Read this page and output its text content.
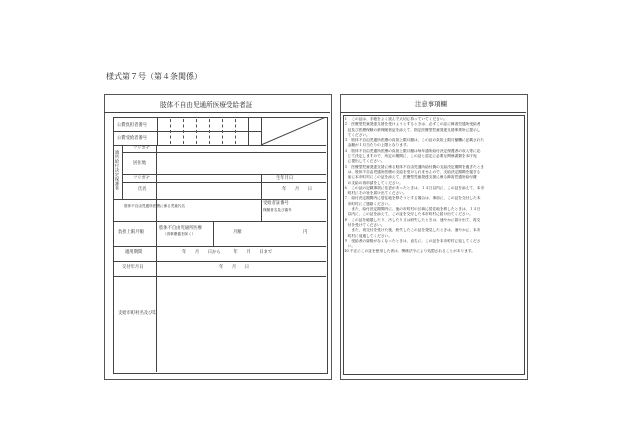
様式第７号（第４条関係）
肢体不自由児通所医療受給者証
公費負担者番号
公費受給者番号
通所給付決定保護者
フリガナ
居住地
フリガナ	生年月日
氏名	年　　月　　日
肢体不自由児通所医療に係る児童氏名	受給者証番号
保険者名及び番号
負担上限月額
肢体不自由児通所医療
（食事療養を除く）	月額	円
適用期間	年　　月　　日から　　　年　　月　　日まで
交付年月日	年　　月　　日
支給市町村名及び印
注意事項欄

１　この証は、手帳をよく読んで大切に持っていてください。

２　医療型児童発達支援を受けようとするときは、必ずこの証に障害児通所受給者

　証及び医療保険の被保険者証を添えて、指定医療型児童発達支援事業所に提示し

　てください。

３　肢体不自由児通所医療の負担上限月額は、この証の負担上限月額欄に記載された

　金額が１月当たりの上限となります。

４　肢体不自由児通所医療の負担上限月額は毎年通所給付決定保護者の収入等に応

　じて決定しますので、所定の期間に、この証と認定に必要な関係書類を本庁宛

　に提出してください。

５　医療型児童発達支援に係る肢体不自由児通所給付費の支給決定期間を過ぎたとき

　は、肢体不自由児通所医療の支給を受けられませんので、支給決定期間を過ぎる

　前に本市町村にこの証を添えて、医療型児童発達支援に係る障害児通所給付費

　の支給の再申請をしてください。

６　この証の記載事項に変更があったときは、１４日以内に、この証を添えて、本市

　町村にその旨を届け出てください。

７　給付決定期間内に居住地を移そうとする場合は、事前に、この証を交付した本

　市町村にご連絡ください。

　　また、給付決定期間内に、他の市町村の区域に居住地を移したときは、１４日

　以内に、この証を添えて、この証を交付した本市町村に届け出てください。

８　この証を破損したり、汚したり又は紛失したときは、速やかに届け出て、再交

　付を受けてください。

　　また、再交付を受けた後、紛失したこの証を発見したときは、速やかに、本市

　町村に返還してください。

９　受給者の資格がなくなったときは、直ちに、この証を本市町村に返してくださ

　い。

10 不正にこの証を使用した者は、関係法令により処罰されることがあります。
